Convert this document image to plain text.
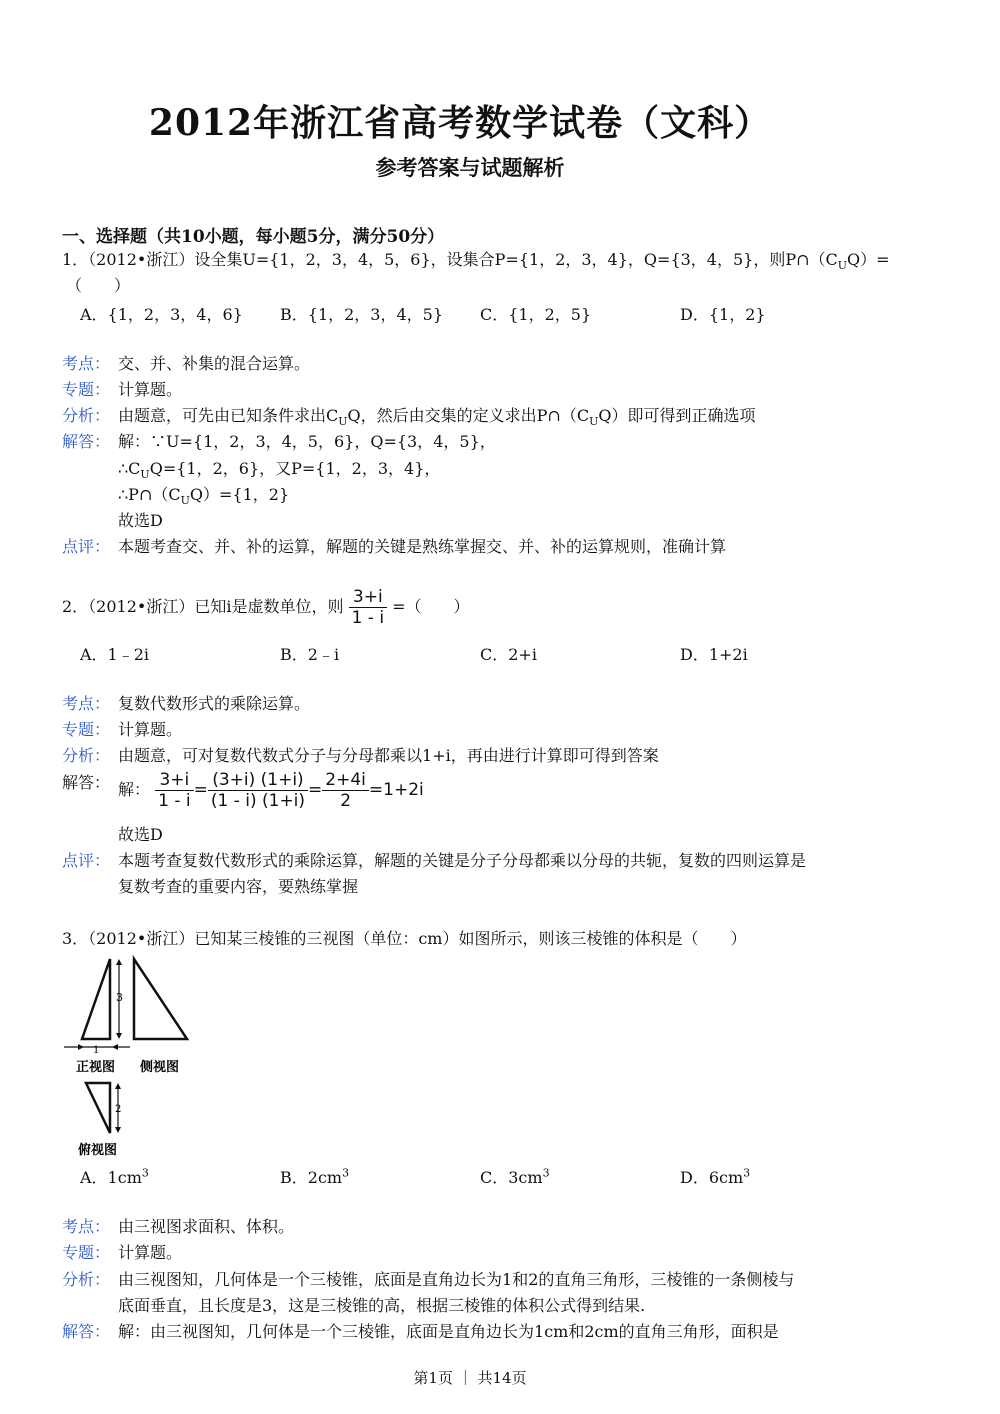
2012年浙江省高考数学试卷（文科）
参考答案与试题解析
一、选择题（共10小题，每小题5分，满分50分）
1．（2012•浙江）设全集U={1，2，3，4，5，6}，设集合P={1，2，3，4}，Q={3，4，5}，则$P\cap(C_UQ)=$
（　　）
A．{1，2，3，4，6} B．{1，2，3，4，5} C．{1，2，5}	D．{1，2}
考点： 交、并、补集的混合运算。
专题： 计算题。
分析： 由题意，可先由已知条件求出$C_UQ$，然后由交集的定义求出$P\cap(C_UQ)$即可得到正确选项
解答： 解：∵U={1，2，3，4，5，6}，Q={3，4，5}，
$\therefore C_UQ=\{1$，2，6}，又P={1，2，3，4}，
$\therefore P\cap(C_UQ)=\{1$，2}
故选D
点评： 本题考查交、并、补的运算，解题的关键是熟练掌握交、并、补的运算规则，准确计算
2．（2012•浙江）已知i是虚数单位，则 $\frac{3+i}{1 - i}$ =（　　）
A．1﹣2i	B．2﹣i	C．2+i	D．1+2i
考点： 复数代数形式的乘除运算。
专题： 计算题。
分析： 由题意，可对复数代数式分子与分母都乘以1+i，再由进行计算即可得到答案
解答： 解： $\frac{3+i}{1 - i} = \frac{(3+i) (1+i)}{(1 - i) (1+i)} = \frac{2+4i}{2} =1+2i$
故选D
点评： 本题考查复数代数形式的乘除运算，解题的关键是分子分母都乘以分母的共轭，复数的四则运算是
复数考查的重要内容，要熟练掌握
3．（2012•浙江）已知某三棱锥的三视图（单位：cm）如图所示，则该三棱锥的体积是（　　）
3
1
正视图 侧视图
2
俯视图
A．$1cm^3$	B．$2cm^3$	C．$3cm^3$	D．$6cm^3$
考点： 由三视图求面积、体积。
专题： 计算题。
分析： 由三视图知，几何体是一个三棱锥，底面是直角边长为1和2的直角三角形，三棱锥的一条侧棱与
底面垂直，且长度是3，这是三棱锥的高，根据三棱锥的体积公式得到结果.
解答： 解：由三视图知，几何体是一个三棱锥，底面是直角边长为1cm和2cm的直角三角形，面积是
第1页 ｜ 共14页
